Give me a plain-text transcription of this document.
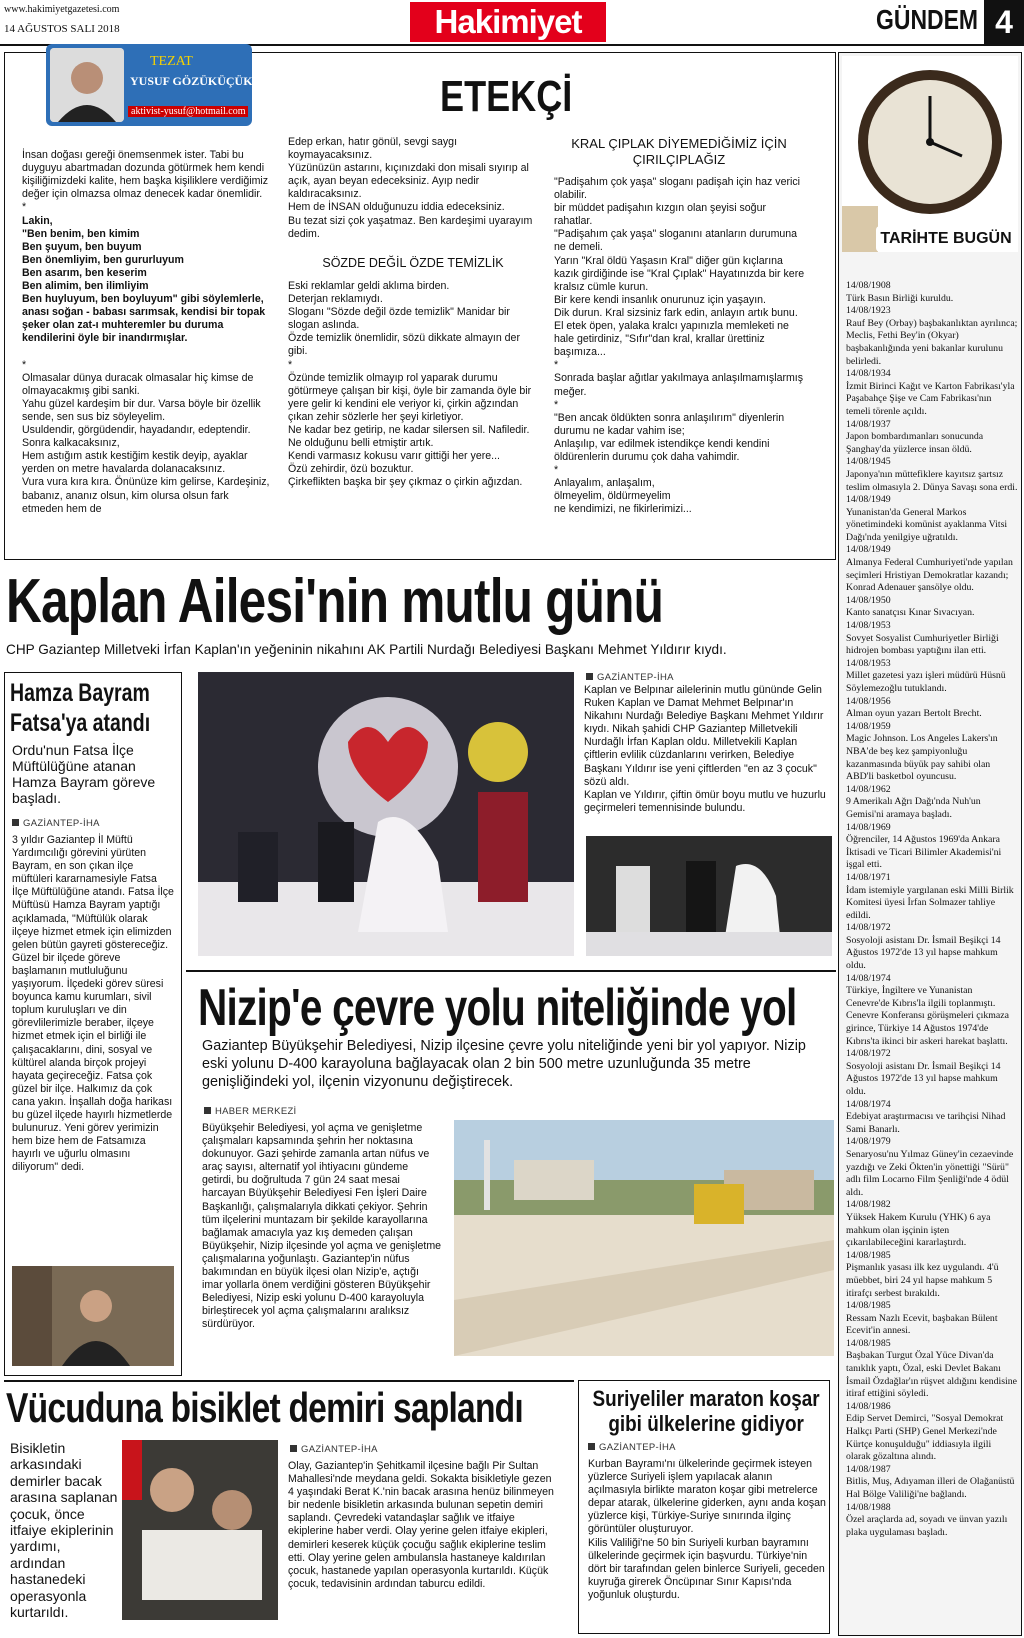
www.hakimiyetgazetesi.com
14 AĞUSTOS SALI 2018	Hakimiyet	GÜNDEM 4
TEZAT
YUSUF GÖZÜKÜÇÜK
aktivist-yusuf@hotmail.com	ETEKÇİ

İnsan doğası gereği önemsenmek ister. Tabi bu duyguyu abartmadan dozunda götürmek hem kendi kişiliğimizdeki kalite, hem başka kişiliklere verdiğimiz değer için olmazsa olmaz denecek kadar önemlidir.
*

Lakin,
"Ben benim, ben kimim
Ben şuyum, ben buyum
Ben önemliyim, ben gururluyum
Ben asarım, ben keserim
Ben alimim, ben ilimliyim
Ben huyluyum, ben boyluyum" gibi söylemlerle, anası soğan - babası sarımsak, kendisi bir topak şeker olan zat-ı muhteremler bu duruma kendilerini öyle bir inandırmışlar.

*
Olmasalar dünya duracak olmasalar hiç kimse de olmayacakmış gibi sanki.
Yahu güzel kardeşim bir dur. Varsa böyle bir özellik sende, sen sus biz söyleyelim.
Usuldendir, görgüdendir, hayadandır, edeptendir.
Sonra kalkacaksınız,
Hem astığım astık kestiğim kestik deyip, ayaklar yerden on metre havalarda dolanacaksınız.
Vura vura kıra kıra. Önünüze kim gelirse, Kardeşiniz, babanız, ananız olsun, kim olursa olsun fark etmeden hem de

Edep erkan, hatır gönül, sevgi saygı koymayacaksınız.
Yüzünüzün astarını, kıçınızdaki don misali sıyırıp al açık, ayan beyan edeceksiniz. Ayıp nedir kaldıracaksınız.
Hem de İNSAN olduğunuzu iddia edeceksiniz.
Bu tezat sizi çok yaşatmaz. Ben kardeşimi uyarayım dedim.

SÖZDE DEĞİL ÖZDE TEMİZLİK

Eski reklamlar geldi aklıma birden.
Deterjan reklamıydı.
Sloganı "Sözde değil özde temizlik" Manidar bir slogan aslında.
Özde temizlik önemlidir, sözü dikkate almayın der gibi.
*
Özünde temizlik olmayıp rol yaparak durumu götürmeye çalışan bir kişi, öyle bir zamanda öyle bir yere gelir ki kendini ele veriyor ki, çirkin ağzından çıkan zehir sözlerle her şeyi kirletiyor.
Ne kadar bez getirip, ne kadar silersen sil. Nafiledir.
Ne olduğunu belli etmiştir artık.
Kendi varmasız kokusu varır gittiği her yere...
Özü zehirdir, özü bozuktur.
Çirkeflikten başka bir şey çıkmaz o çirkin ağızdan.

KRAL ÇIPLAK DİYEMEDİĞİMİZ İÇİN ÇIRILÇIPLAĞIZ

"Padişahım çok yaşa" sloganı padişah için haz verici olabilir.
bir müddet padişahın kızgın olan şeyisi soğur rahatlar.
"Padişahım çak yaşa" sloganını atanların durumuna ne demeli.
Yarın "Kral öldü Yaşasın Kral" diğer gün kıçlarına kazık girdiğinde ise "Kral Çıplak" Hayatınızda bir kere kralsız cümle kurun.
Bir kere kendi insanlık onurunuz için yaşayın.
Dik durun. Kral sizsiniz fark edin, anlayın artık bunu.
El etek öpen, yalaka kralcı yapınızla memleketi ne hale getirdiniz, "Sıfır"dan kral, krallar ürettiniz başımıza...
*
Sonrada başlar ağıtlar yakılmaya anlaşılmamışlarmış meğer.
*
"Ben ancak öldükten sonra anlaşılırım" diyenlerin durumu ne kadar vahim ise;
Anlaşılıp, var edilmek istendikçe kendi kendini öldürenlerin durumu çok daha vahimdir.
*
Anlayalım, anlaşalım,
ölmeyelim, öldürmeyelim
ne kendimizi, ne fikirlerimizi...

Kaplan Ailesi'nin mutlu günü
CHP Gaziantep Milletveki İrfan Kaplan'ın yeğeninin nikahını AK Partili Nurdağı Belediyesi Başkanı Mehmet Yıldırır kıydı.
GAZİANTEP-İHA

Kaplan ve Belpınar ailelerinin mutlu gününde Gelin Ruken Kaplan ve Damat Mehmet Belpınar'ın Nikahını Nurdağı Belediye Başkanı Mehmet Yıldırır kıydı. Nikah şahidi CHP Gaziantep Milletvekili Nurdağlı İrfan Kaplan oldu. Milletvekili Kaplan çiftlerin evlilik cüzdanlarını verirken, Belediye Başkanı Yıldırır ise yeni çiftlerden "en az 3 çocuk" sözü aldı.
Kaplan ve Yıldırır, çiftin ömür boyu mutlu ve huzurlu geçirmeleri temennisinde bulundu.

Hamza Bayram Fatsa'ya atandı
Ordu'nun Fatsa İlçe Müftülüğüne atanan Hamza Bayram göreve başladı.
GAZİANTEP-İHA

3 yıldır Gaziantep İl Müftü Yardımcılığı görevini yürüten Bayram, en son çıkan ilçe müftüleri kararnamesiyle Fatsa İlçe Müftülüğüne atandı. Fatsa İlçe Müftüsü Hamza Bayram yaptığı açıklamada, "Müftülük olarak ilçeye hizmet etmek için elimizden gelen bütün gayreti göstereceğiz. Güzel bir ilçede göreve başlamanın mutluluğunu yaşıyorum. İlçedeki görev süresi boyunca kamu kurumları, sivil toplum kuruluşları ve din görevlilerimizle beraber, ilçeye hizmet etmek için el birliği ile çalışacaklarını, dini, sosyal ve kültürel alanda birçok projeyi hayata geçireceğiz. Fatsa çok güzel bir ilçe. Halkımız da çok cana yakın. İnşallah doğa harikası bu güzel ilçede hayırlı hizmetlerde bulunuruz. Yeni görev yerimizin hem bize hem de Fatsamıza hayırlı ve uğurlu olmasını diliyorum" dedi.

Nizip'e çevre yolu niteliğinde yol
Gaziantep Büyükşehir Belediyesi, Nizip ilçesine çevre yolu niteliğinde yeni bir yol yapıyor. Nizip eski yolunu D-400 karayoluna bağlayacak olan 2 bin 500 metre uzunluğunda 35 metre genişliğindeki yol, ilçenin vizyonunu değiştirecek.
HABER MERKEZİ

Büyükşehir Belediyesi, yol açma ve genişletme çalışmaları kapsamında şehrin her noktasına dokunuyor. Gazi şehirde zamanla artan nüfus ve araç sayısı, alternatif yol ihtiyacını gündeme getirdi, bu doğrultuda 7 gün 24 saat mesai harcayan Büyükşehir Belediyesi Fen İşleri Daire Başkanlığı, çalışmalarıyla dikkati çekiyor. Şehrin tüm ilçelerini muntazam bir şekilde karayollarına bağlamak amacıyla yaz kış demeden çalışan Büyükşehir, Nizip ilçesinde yol açma ve genişletme çalışmalarına yoğunlaştı. Gaziantep'in nüfus bakımından en büyük ilçesi olan Nizip'e, açtığı imar yollarla önem verdiğini gösteren Büyükşehir Belediyesi, Nizip eski yolunu D-400 karayoluyla birleştirecek yol açma çalışmalarını aralıksız sürdürüyor.

Vücuduna bisiklet demiri saplandı
Bisikletin arkasındaki demirler bacak arasına saplanan çocuk, önce itfaiye ekiplerinin yardımı, ardından hastanedeki operasyonla kurtarıldı.
GAZİANTEP-İHA

Olay, Gaziantep'in Şehitkamil ilçesine bağlı Pir Sultan Mahallesi'nde meydana geldi. Sokakta bisikletiyle gezen 4 yaşındaki Berat K.'nin bacak arasına henüz bilinmeyen bir nedenle bisikletin arkasında bulunan sepetin demiri saplandı. Çevredeki vatandaşlar sağlık ve itfaiye ekiplerine haber verdi. Olay yerine gelen itfaiye ekipleri, demirleri keserek küçük çocuğu sağlık ekiplerine teslim etti. Olay yerine gelen ambulansla hastaneye kaldırılan çocuk, hastanede yapılan operasyonla kurtarıldı. Küçük çocuk, tedavisinin ardından taburcu edildi.

Suriyeliler maraton koşar gibi ülkelerine gidiyor
GAZİANTEP-İHA

Kurban Bayramı'nı ülkelerinde geçirmek isteyen yüzlerce Suriyeli işlem yapılacak alanın açılmasıyla birlikte maraton koşar gibi metrelerce depar atarak, ülkelerine giderken, aynı anda koşan yüzlerce kişi, Türkiye-Suriye sınırında ilginç görüntüler oluşturuyor.
Kilis Valiliği'ne 50 bin Suriyeli kurban bayramını ülkelerinde geçirmek için başvurdu. Türkiye'nin dört bir tarafından gelen binlerce Suriyeli, geceden kuyruğa girerek Öncüpınar Sınır Kapısı'nda yoğunluk oluşturdu.

TARİHTE BUGÜN
14/08/1908
Türk Basın Birliği kuruldu.
14/08/1923
Rauf Bey (Orbay) başbakanlıktan ayrılınca; Meclis, Fethi Bey'in (Okyar) başbakanlığında yeni bakanlar kurulunu belirledi.
14/08/1934
İzmit Birinci Kağıt ve Karton Fabrikası'yla Paşabahçe Şişe ve Cam Fabrikası'nın temeli törenle açıldı.
14/08/1937
Japon bombardımanları sonucunda Şanghay'da yüzlerce insan öldü.
14/08/1945
Japonya'nın müttefiklere kayıtsız şartsız teslim olmasıyla 2. Dünya Savaşı sona erdi.
14/08/1949
Yunanistan'da General Markos yönetimindeki komünist ayaklanma Vitsi Dağı'nda yenilgiye uğratıldı.
14/08/1949
Almanya Federal Cumhuriyeti'nde yapılan seçimleri Hristiyan Demokratlar kazandı; Konrad Adenauer şansölye oldu.
14/08/1950
Kanto sanatçısı Kınar Sıvacıyan.
14/08/1953
Sovyet Sosyalist Cumhuriyetler Birliği hidrojen bombası yaptığını ilan etti.
14/08/1953
Millet gazetesi yazı işleri müdürü Hüsnü Söylemezoğlu tutuklandı.
14/08/1956
Alman oyun yazarı Bertolt Brecht.
14/08/1959
Magic Johnson. Los Angeles Lakers'ın NBA'de beş kez şampiyonluğu kazanmasında büyük pay sahibi olan ABD'li basketbol oyuncusu.
14/08/1962
9 Amerikalı Ağrı Dağı'nda Nuh'un Gemisi'ni aramaya başladı.
14/08/1969
Öğrenciler, 14 Ağustos 1969'da Ankara İktisadi ve Ticari Bilimler Akademisi'ni işgal etti.
14/08/1971
İdam istemiyle yargılanan eski Milli Birlik Komitesi üyesi İrfan Solmazer tahliye edildi.
14/08/1972
Sosyoloji asistanı Dr. İsmail Beşikçi 14 Ağustos 1972'de 13 yıl hapse mahkum oldu.
14/08/1974
Türkiye, İngiltere ve Yunanistan Cenevre'de Kıbrıs'la ilgili toplanmıştı. Cenevre Konferansı görüşmeleri çıkmaza girince, Türkiye 14 Ağustos 1974'de Kıbrıs'ta ikinci bir askeri harekat başlattı.
14/08/1972
Sosyoloji asistanı Dr. İsmail Beşikçi 14 Ağustos 1972'de 13 yıl hapse mahkum oldu.
14/08/1974
Edebiyat araştırmacısı ve tarihçisi Nihad Sami Banarlı.
14/08/1979
Senaryosu'nu Yılmaz Güney'in cezaevinde yazdığı ve Zeki Ökten'in yönettiği "Sürü" adlı film Locarno Film Şenliği'nde 4 ödül aldı.
14/08/1982
Yüksek Hakem Kurulu (YHK) 6 aya mahkum olan işçinin işten çıkarılabileceğini kararlaştırdı.
14/08/1985
Pişmanlık yasası ilk kez uygulandı. 4'ü müebbet, biri 24 yıl hapse mahkum 5 itirafçı serbest bırakıldı.
14/08/1985
Ressam Nazlı Ecevit, başbakan Bülent Ecevit'in annesi.
14/08/1985
Başbakan Turgut Özal Yüce Divan'da tanıklık yaptı, Özal, eski Devlet Bakanı İsmail Özdağlar'ın rüşvet aldığını kendisine itiraf ettiğini söyledi.
14/08/1986
Edip Servet Demirci, "Sosyal Demokrat Halkçı Parti (SHP) Genel Merkezi'nde Kürtçe konuşulduğu" iddiasıyla ilgili olarak gözaltına alındı.
14/08/1987
Bitlis, Muş, Adıyaman illeri de Olağanüstü Hal Bölge Valiliği'ne bağlandı.
14/08/1988
Özel araçlarda ad, soyadı ve ünvan yazılı plaka uygulaması başladı.
